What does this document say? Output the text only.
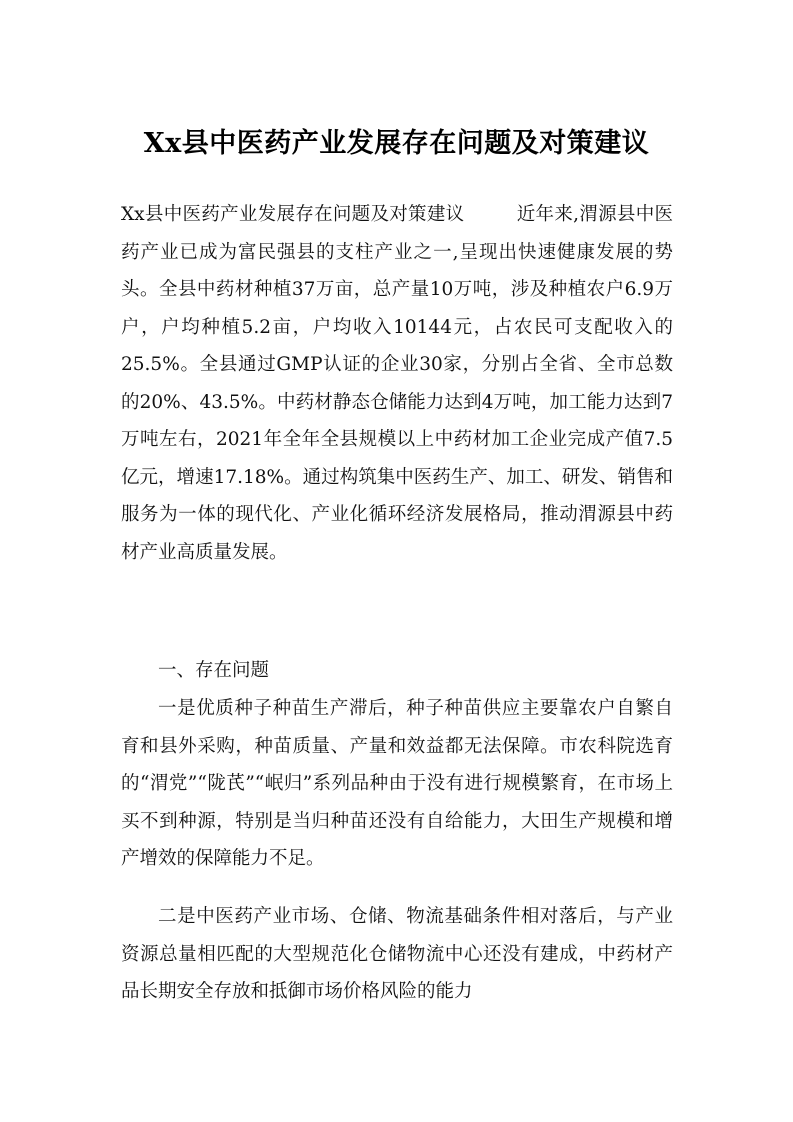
Xx县中医药产业发展存在问题及对策建议

Xx县中医药产业发展存在问题及对策建议	近年来,渭源县中医药产业已成为富民强县的支柱产业之一,呈现出快速健康发展的势头。全县中药材种植37万亩，总产量10万吨，涉及种植农户6.9万户，户均种植5.2亩，户均收入10144元，占农民可支配收入的25.5%。全县通过GMP认证的企业30家，分别占全省、全市总数的20%、43.5%。中药材静态仓储能力达到4万吨，加工能力达到7万吨左右，2021年全年全县规模以上中药材加工企业完成产值7.5亿元，增速17.18%。通过构筑集中医药生产、加工、研发、销售和服务为一体的现代化、产业化循环经济发展格局，推动渭源县中药材产业高质量发展。

一、存在问题

一是优质种子种苗生产滞后，种子种苗供应主要靠农户自繁自育和县外采购，种苗质量、产量和效益都无法保障。市农科院选育的“渭党”“陇芪”“岷归”系列品种由于没有进行规模繁育，在市场上买不到种源，特别是当归种苗还没有自给能力，大田生产规模和增产增效的保障能力不足。

二是中医药产业市场、仓储、物流基础条件相对落后，与产业资源总量相匹配的大型规范化仓储物流中心还没有建成，中药材产品长期安全存放和抵御市场价格风险的能力
